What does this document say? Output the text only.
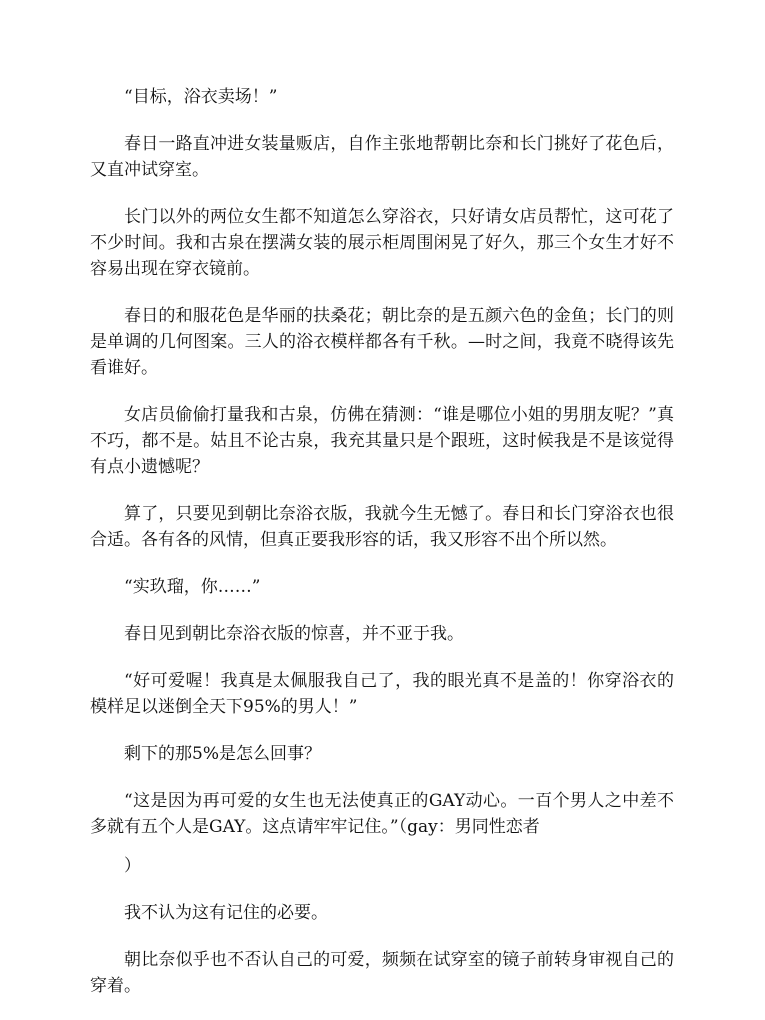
“目标，浴衣卖场！”

春日一路直冲进女装量贩店，自作主张地帮朝比奈和长门挑好了花色后，又直冲试穿室。

长门以外的两位女生都不知道怎么穿浴衣，只好请女店员帮忙，这可花了不少时间。我和古泉在摆满女装的展示柜周围闲晃了好久，那三个女生才好不容易出现在穿衣镜前。

春日的和服花色是华丽的扶桑花；朝比奈的是五颜六色的金鱼；长门的则是单调的几何图案。三人的浴衣模样都各有千秋。—时之间，我竟不晓得该先看谁好。

女店员偷偷打量我和古泉，仿佛在猜测：“谁是哪位小姐的男朋友呢？”真不巧，都不是。姑且不论古泉，我充其量只是个跟班，这时候我是不是该觉得有点小遗憾呢？

算了，只要见到朝比奈浴衣版，我就今生无憾了。春日和长门穿浴衣也很合适。各有各的风情，但真正要我形容的话，我又形容不出个所以然。

“实玖瑠，你……”

春日见到朝比奈浴衣版的惊喜，并不亚于我。

“好可爱喔！我真是太佩服我自己了，我的眼光真不是盖的！你穿浴衣的模样足以迷倒全天下95%的男人！”

剩下的那5%是怎么回事？

“这是因为再可爱的女生也无法使真正的GAY动心。一百个男人之中差不多就有五个人是GAY。这点请牢牢记住。”（gay：男同性恋者

）

我不认为这有记住的必要。

朝比奈似乎也不否认自己的可爱，频频在试穿室的镜子前转身审视自己的穿着。
